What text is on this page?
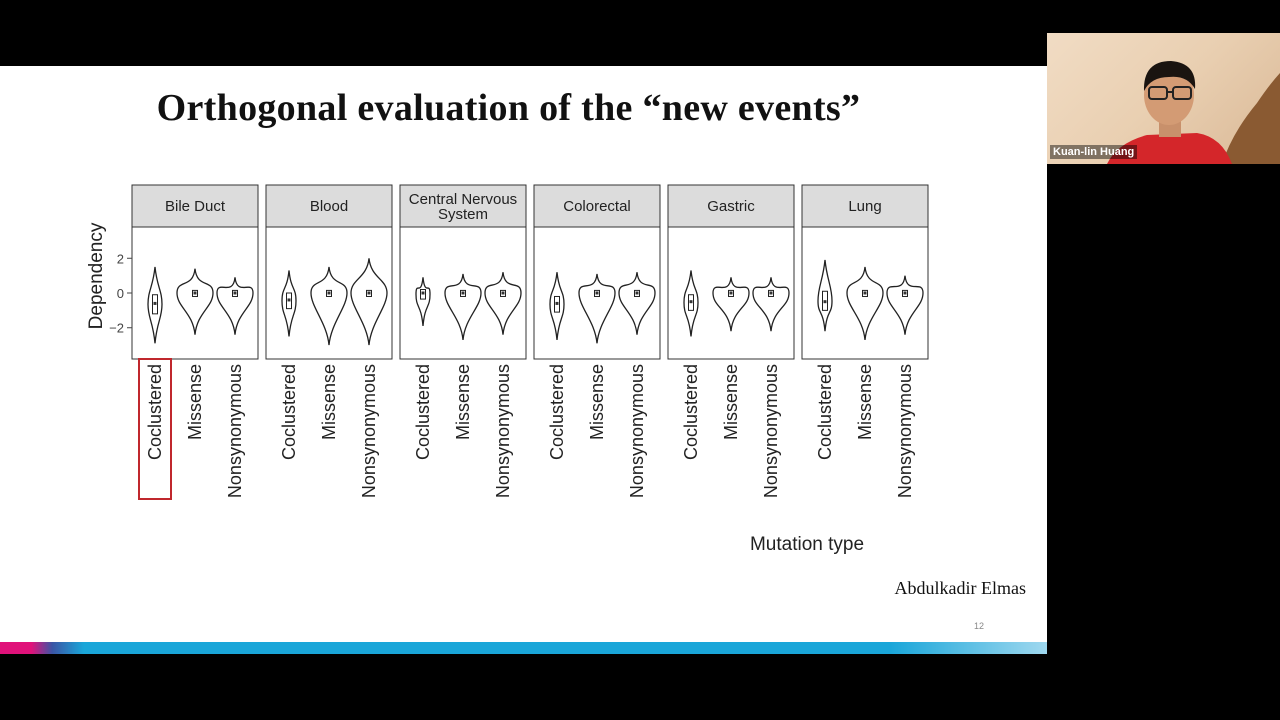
Orthogonal evaluation of the “new events”
Bile Duct	Blood	Central Nervous System	Colorectal	Gastric	Lung
2
0
−2
Coclustered Missense Nonsynonymous Coclustered Missense Nonsynonymous Coclustered Missense Nonsynonymous Coclustered Missense Nonsynonymous Coclustered Missense Nonsynonymous Coclustered Missense Nonsynonymous
Dependency
Mutation type
Abdulkadir Elmas
12
Kuan-lin Huang
